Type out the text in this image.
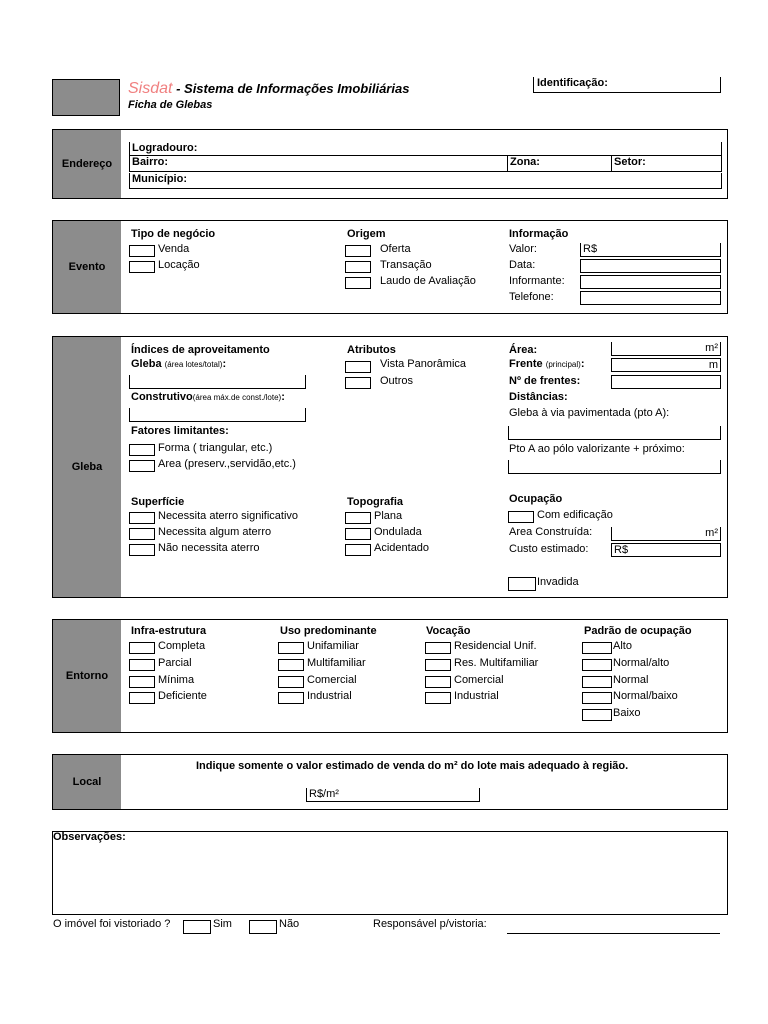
Sisdat - Sistema de Informações Imobiliárias
Ficha de Glebas
Identificação:
Endereço
Logradouro:
Bairro:	Zona:	Setor:
Município:
Evento
Tipo de negócio
Venda
Locação
Origem
Oferta
Transação
Laudo de Avaliação
Informação
Valor:	R$
Data:
Informante:
Telefone:
Gleba
Índices de aproveitamento
Gleba (área lotes/total):
Construtivo(área máx.de const./lote):
Fatores limitantes:
Forma ( triangular, etc.)
Area (preserv.,servidão,etc.)
Atributos
Vista Panorâmica
Outros
Área:	m²
Frente (principal):	m
Nº de frentes:
Distâncias:
Gleba à via pavimentada (pto A):
Pto A ao pólo valorizante + próximo:
Superfície
Necessita aterro significativo
Necessita algum aterro
Não necessita aterro
Topografia
Plana
Ondulada
Acidentado
Ocupação
Com edificação
Area Construída:	m²
Custo estimado: R$
Invadida
Entorno
Infra-estrutura
Completa
Parcial
Mínima
Deficiente
Uso predominante
Unifamiliar
Multifamiliar
Comercial
Industrial
Vocação
Residencial Unif.
Res. Multifamiliar
Comercial
Industrial
Padrão de ocupação
Alto
Normal/alto
Normal
Normal/baixo
Baixo
Local
Indique somente o valor estimado de venda do m² do lote mais adequado à região.
R$/m²
Observações:
O imóvel foi vistoriado ?	Sim	Não	Responsável p/vistoria:
